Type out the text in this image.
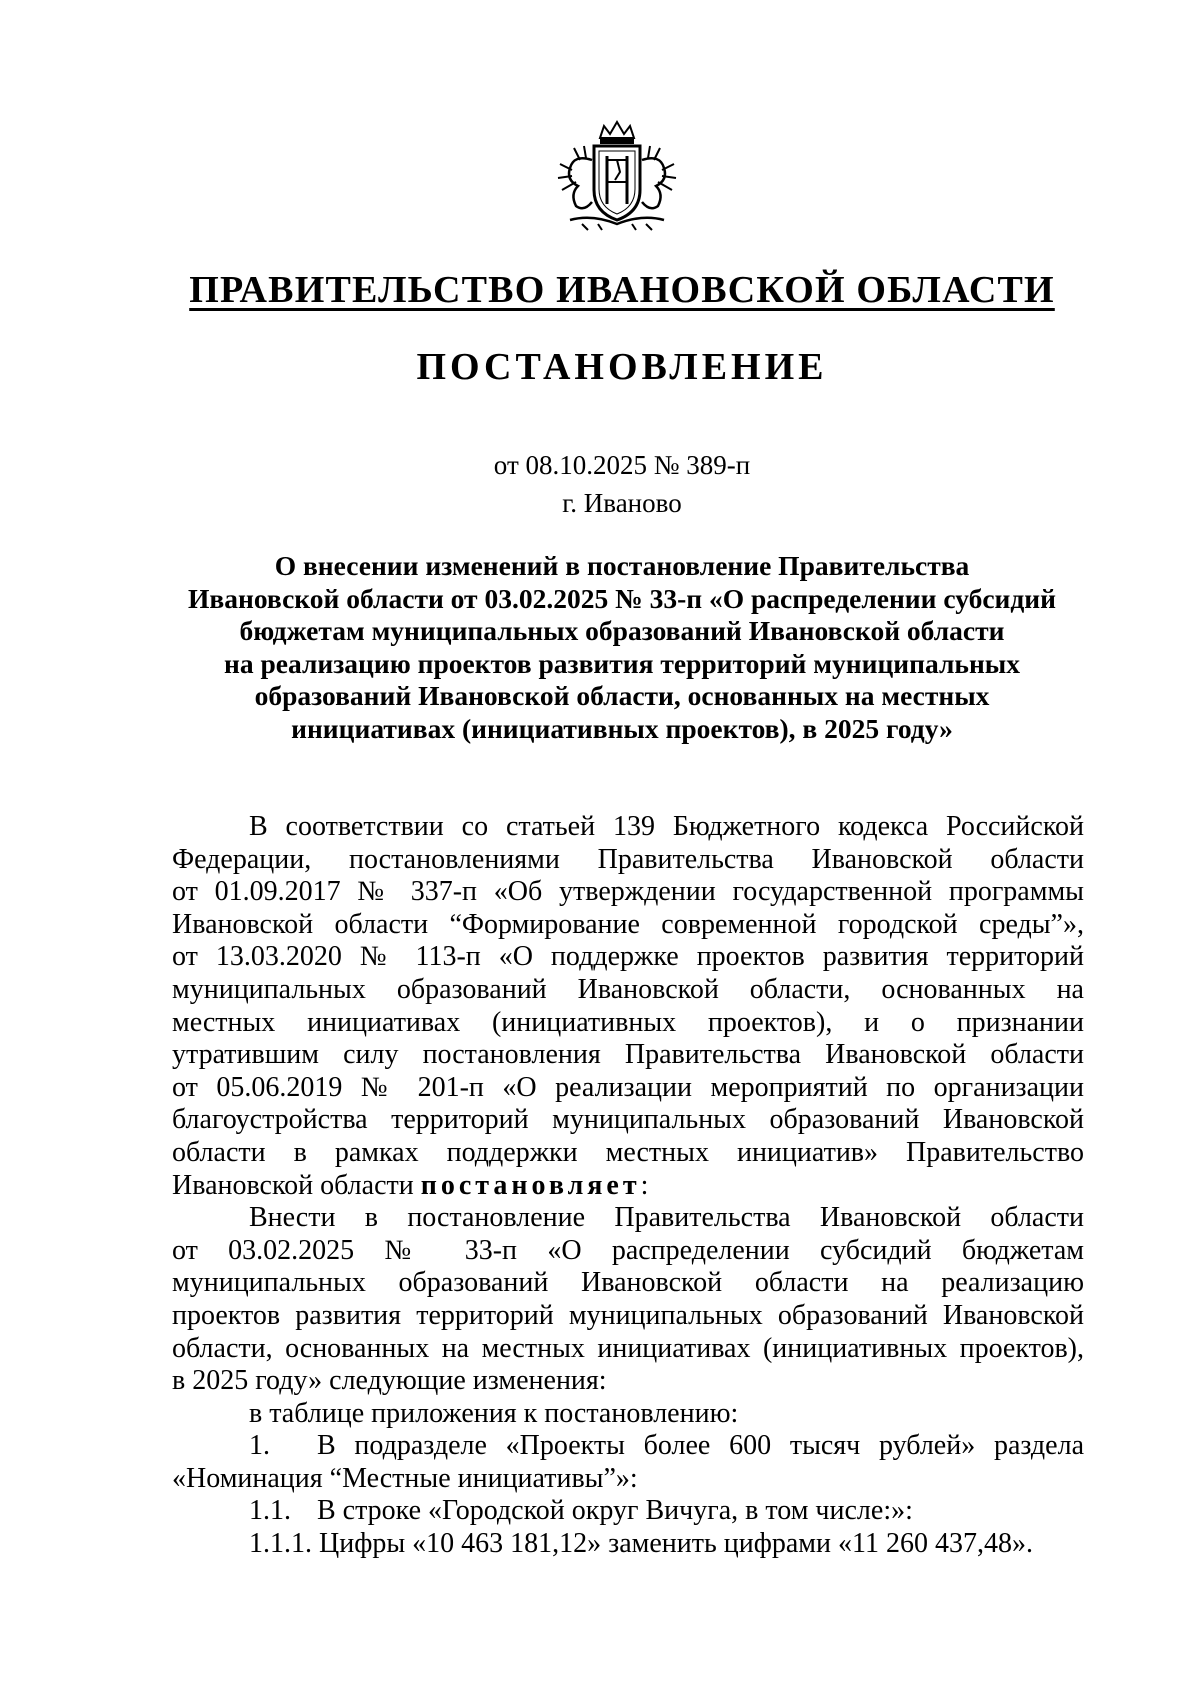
ПРАВИТЕЛЬСТВО ИВАНОВСКОЙ ОБЛАСТИ
ПОСТАНОВЛЕНИЕ
от 08.10.2025 № 389-п
г. Иваново
О внесении изменений в постановление Правительства
Ивановской области от 03.02.2025 № 33-п «О распределении субсидий
бюджетам муниципальных образований Ивановской области
на реализацию проектов развития территорий муниципальных
образований Ивановской области, основанных на местных
инициативах (инициативных проектов), в 2025 году»

В соответствии со статьей 139 Бюджетного кодекса Российской

Федерации, постановлениями Правительства Ивановской области

от 01.09.2017 № 337-п «Об утверждении государственной программы

Ивановской области “Формирование современной городской среды”»,

от 13.03.2020 № 113-п «О поддержке проектов развития территорий

муниципальных образований Ивановской области, основанных на

местных инициативах (инициативных проектов), и о признании

утратившим силу постановления Правительства Ивановской области

от 05.06.2019 № 201-п «О реализации мероприятий по организации

благоустройства территорий муниципальных образований Ивановской

области в рамках поддержки местных инициатив» Правительство

Ивановской области постановляет:

Внести в постановление Правительства Ивановской области

от 03.02.2025 № 33-п «О распределении субсидий бюджетам

муниципальных образований Ивановской области на реализацию

проектов развития территорий муниципальных образований Ивановской

области, основанных на местных инициативах (инициативных проектов),

в 2025 году» следующие изменения:

в таблице приложения к постановлению:

1. В подразделе «Проекты более 600 тысяч рублей» раздела

«Номинация “Местные инициативы”»:

1.1. В строке «Городской округ Вичуга, в том числе:»:

1.1.1. Цифры «10 463 181,12» заменить цифрами «11 260 437,48».
